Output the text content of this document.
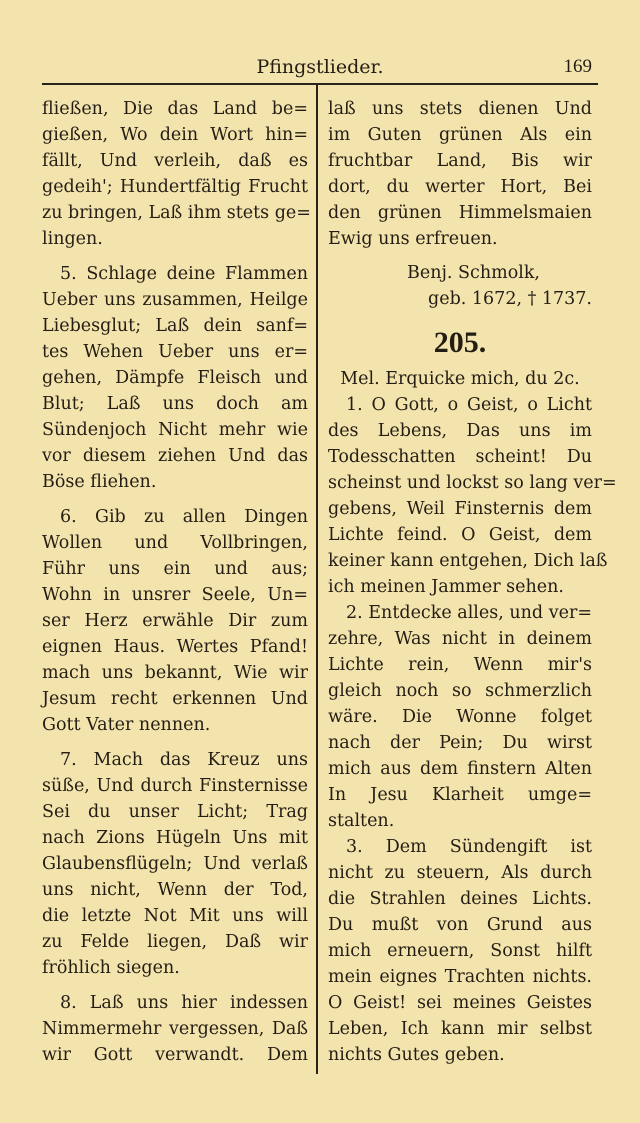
Pfingstlieder.	169
fließen, Die das Land be=
gießen, Wo dein Wort hin=
fällt, Und verleih, daß es
gedeih'; Hundertfältig Frucht
zu bringen, Laß ihm stets ge=
lingen.
5. Schlage deine Flammen
Ueber uns zusammen, Heilge
Liebesglut; Laß dein sanf=
tes Wehen Ueber uns er=
gehen, Dämpfe Fleisch und
Blut; Laß uns doch am
Sündenjoch Nicht mehr wie
vor diesem ziehen Und das
Böse fliehen.
6. Gib zu allen Dingen
Wollen und Vollbringen,
Führ uns ein und aus;
Wohn in unsrer Seele, Un=
ser Herz erwähle Dir zum
eignen Haus. Wertes Pfand!
mach uns bekannt, Wie wir
Jesum recht erkennen Und
Gott Vater nennen.
7. Mach das Kreuz uns
süße, Und durch Finsternisse
Sei du unser Licht; Trag
nach Zions Hügeln Uns mit
Glaubensflügeln; Und verlaß
uns nicht, Wenn der Tod,
die letzte Not Mit uns will
zu Felde liegen, Daß wir
fröhlich siegen.
8. Laß uns hier indessen
Nimmermehr vergessen, Daß
wir Gott verwandt. Dem
laß uns stets dienen Und
im Guten grünen Als ein
fruchtbar Land, Bis wir
dort, du werter Hort, Bei
den grünen Himmelsmaien
Ewig uns erfreuen.
Benj. Schmolk,
geb. 1672, † 1737.
205.
Mel. Erquicke mich, du 2c.
1. O Gott, o Geist, o Licht
des Lebens, Das uns im
Todesschatten scheint! Du
scheinst und lockst so lang ver=
gebens, Weil Finsternis dem
Lichte feind. O Geist, dem
keiner kann entgehen, Dich laß
ich meinen Jammer sehen.
2. Entdecke alles, und ver=
zehre, Was nicht in deinem
Lichte rein, Wenn mir's
gleich noch so schmerzlich
wäre. Die Wonne folget
nach der Pein; Du wirst
mich aus dem finstern Alten
In Jesu Klarheit umge=
stalten.
3. Dem Sündengift ist
nicht zu steuern, Als durch
die Strahlen deines Lichts.
Du mußt von Grund aus
mich erneuern, Sonst hilft
mein eignes Trachten nichts.
O Geist! sei meines Geistes
Leben, Ich kann mir selbst
nichts Gutes geben.
